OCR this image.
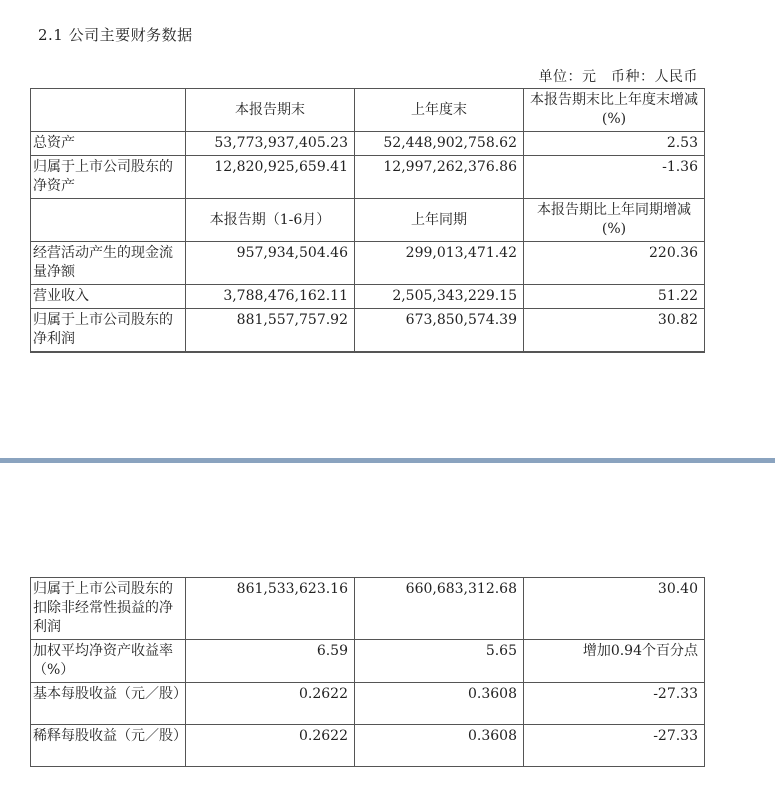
2.1 公司主要财务数据
单位：元　币种：人民币
	本报告期末	上年度末	本报告期末比上年度末增减(%)
总资产	53,773,937,405.23	52,448,902,758.62	2.53
归属于上市公司股东的净资产	12,820,925,659.41	12,997,262,376.86	-1.36
	本报告期（1-6月）	上年同期	本报告期比上年同期增减(%)
经营活动产生的现金流量净额	957,934,504.46	299,013,471.42	220.36
营业收入	3,788,476,162.11	2,505,343,229.15	51.22
归属于上市公司股东的净利润	881,557,757.92	673,850,574.39	30.82
归属于上市公司股东的扣除非经常性损益的净利润	861,533,623.16	660,683,312.68	30.40
加权平均净资产收益率（%）	6.59	5.65	增加0.94个百分点
基本每股收益（元／股）	0.2622	0.3608	-27.33
稀释每股收益（元／股）	0.2622	0.3608	-27.33
